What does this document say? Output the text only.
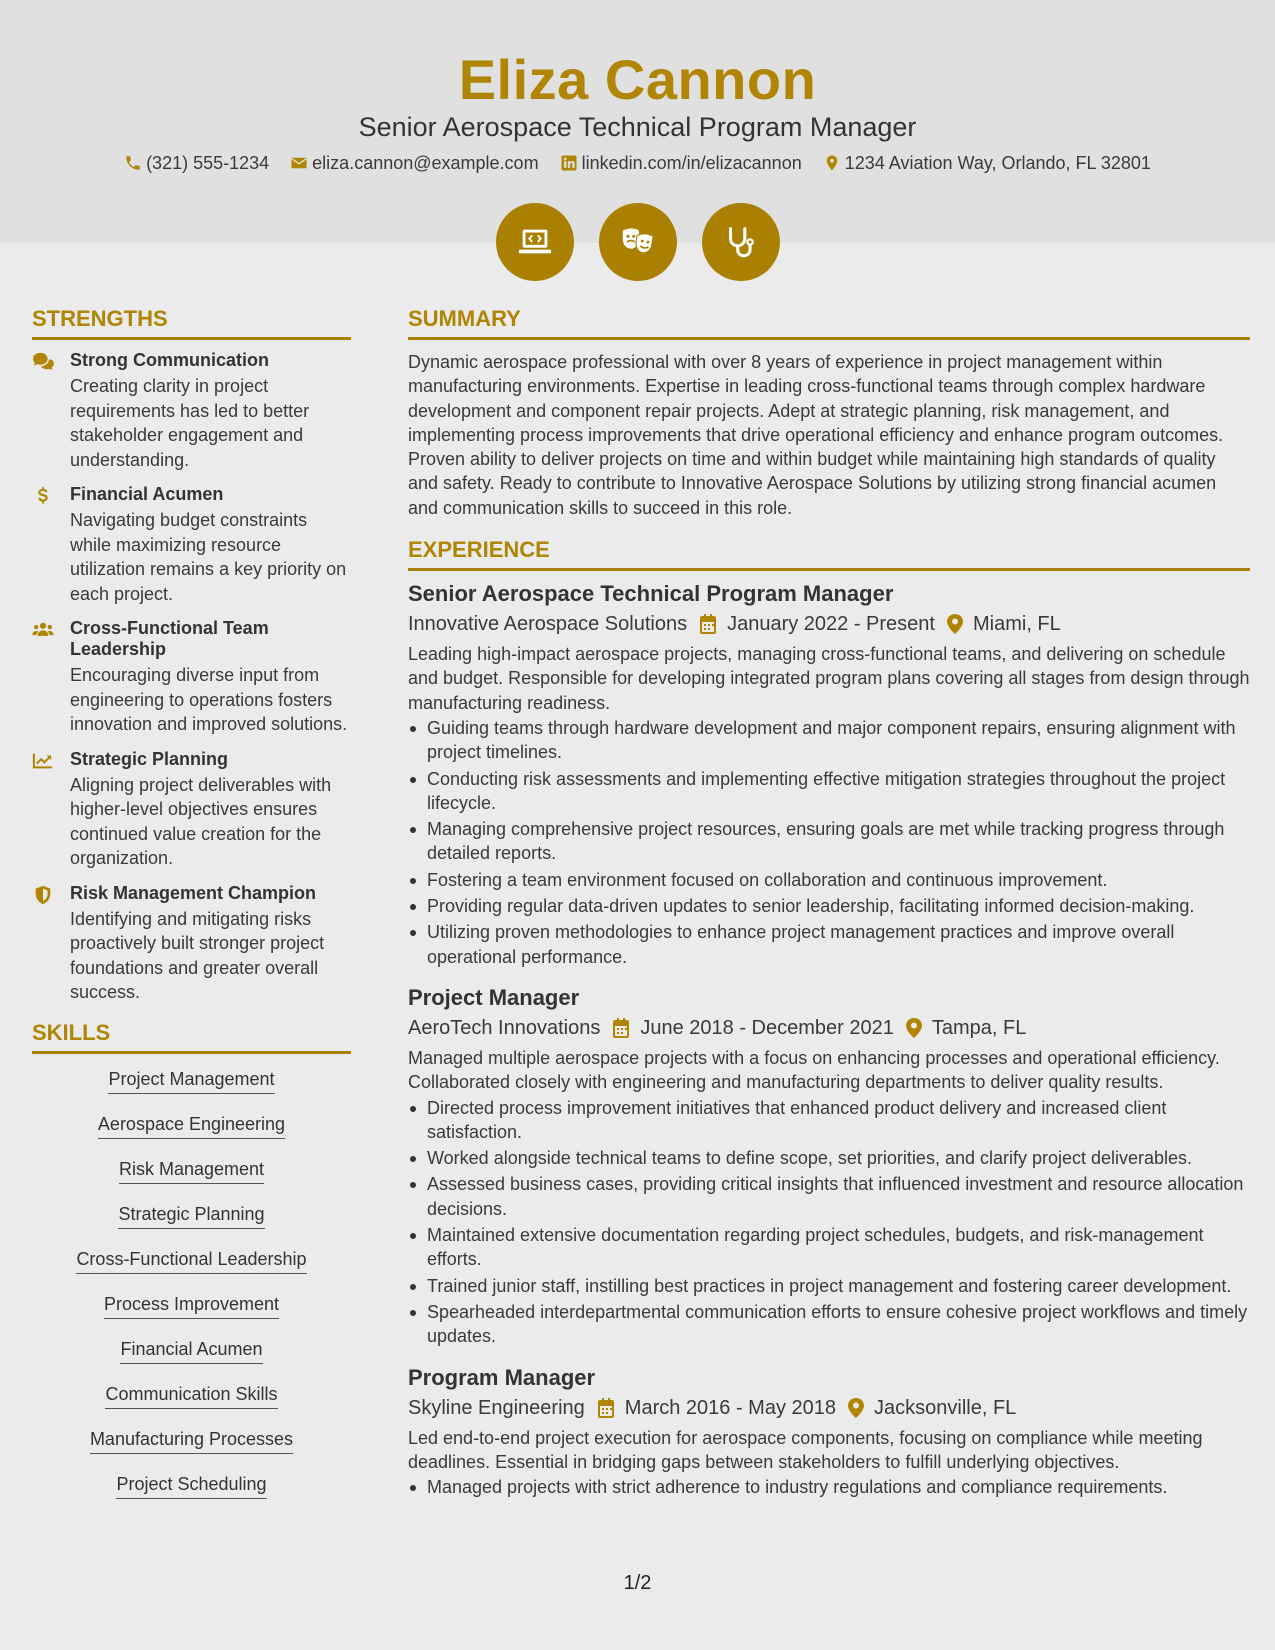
Eliza Cannon
Senior Aerospace Technical Program Manager
(321) 555-1234
eliza.cannon@example.com
linkedin.com/in/elizacannon
1234 Aviation Way, Orlando, FL 32801
STRENGTHS
Strong Communication
Creating clarity in project requirements has led to better stakeholder engagement and understanding.
Financial Acumen
Navigating budget constraints while maximizing resource utilization remains a key priority on each project.
Cross-Functional Team Leadership
Encouraging diverse input from engineering to operations fosters innovation and improved solutions.
Strategic Planning
Aligning project deliverables with higher-level objectives ensures continued value creation for the organization.
Risk Management Champion
Identifying and mitigating risks proactively built stronger project foundations and greater overall success.
SKILLS
Project Management
Aerospace Engineering
Risk Management
Strategic Planning
Cross-Functional Leadership
Process Improvement
Financial Acumen
Communication Skills
Manufacturing Processes
Project Scheduling
SUMMARY
Dynamic aerospace professional with over 8 years of experience in project management within manufacturing environments. Expertise in leading cross-functional teams through complex hardware development and component repair projects. Adept at strategic planning, risk management, and implementing process improvements that drive operational efficiency and enhance program outcomes. Proven ability to deliver projects on time and within budget while maintaining high standards of quality and safety. Ready to contribute to Innovative Aerospace Solutions by utilizing strong financial acumen and communication skills to succeed in this role.
EXPERIENCE
Senior Aerospace Technical Program Manager
Innovative Aerospace Solutions January 2022 - Present Miami, FL
Leading high-impact aerospace projects, managing cross-functional teams, and delivering on schedule and budget. Responsible for developing integrated program plans covering all stages from design through manufacturing readiness.
Guiding teams through hardware development and major component repairs, ensuring alignment with project timelines.
Conducting risk assessments and implementing effective mitigation strategies throughout the project lifecycle.
Managing comprehensive project resources, ensuring goals are met while tracking progress through detailed reports.
Fostering a team environment focused on collaboration and continuous improvement.
Providing regular data-driven updates to senior leadership, facilitating informed decision-making.
Utilizing proven methodologies to enhance project management practices and improve overall operational performance.
Project Manager
AeroTech Innovations June 2018 - December 2021 Tampa, FL
Managed multiple aerospace projects with a focus on enhancing processes and operational efficiency. Collaborated closely with engineering and manufacturing departments to deliver quality results.
Directed process improvement initiatives that enhanced product delivery and increased client satisfaction.
Worked alongside technical teams to define scope, set priorities, and clarify project deliverables.
Assessed business cases, providing critical insights that influenced investment and resource allocation decisions.
Maintained extensive documentation regarding project schedules, budgets, and risk-management efforts.
Trained junior staff, instilling best practices in project management and fostering career development.
Spearheaded interdepartmental communication efforts to ensure cohesive project workflows and timely updates.
Program Manager
Skyline Engineering March 2016 - May 2018 Jacksonville, FL
Led end-to-end project execution for aerospace components, focusing on compliance while meeting deadlines. Essential in bridging gaps between stakeholders to fulfill underlying objectives.
Managed projects with strict adherence to industry regulations and compliance requirements.
1/2
